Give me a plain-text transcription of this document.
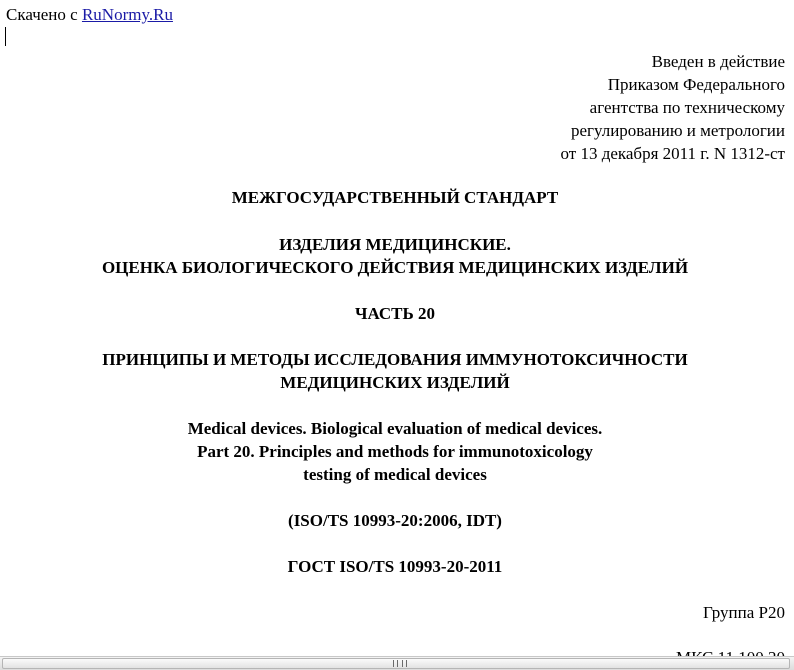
Скачено с RuNormy.Ru
Введен в действие
Приказом Федерального
агентства по техническому
регулированию и метрологии
от 13 декабря 2011 г. N 1312-ст
МЕЖГОСУДАРСТВЕННЫЙ СТАНДАРТ
ИЗДЕЛИЯ МЕДИЦИНСКИЕ.
ОЦЕНКА БИОЛОГИЧЕСКОГО ДЕЙСТВИЯ МЕДИЦИНСКИХ ИЗДЕЛИЙ
ЧАСТЬ 20
ПРИНЦИПЫ И МЕТОДЫ ИССЛЕДОВАНИЯ ИММУНОТОКСИЧНОСТИ
МЕДИЦИНСКИХ ИЗДЕЛИЙ
Medical devices. Biological evaluation of medical devices.
Part 20. Principles and methods for immunotoxicology
testing of medical devices
(ISO/TS 10993-20:2006, IDT)
ГОСТ ISO/TS 10993-20-2011
Группа Р20
